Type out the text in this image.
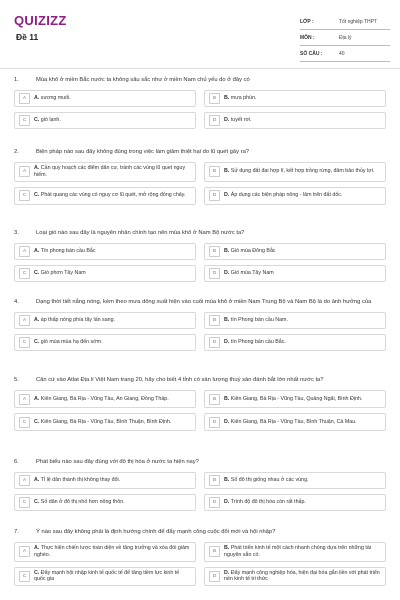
QUIZIZZ
Đề 11
LỚP :	Tốt nghiệp THPT
MÔN :	Địa lý
SỐ CÂU :	40
1.	Mùa khô ở miền Bắc nước ta không sâu sắc như ở miền Nam chủ yếu do ở đây có
A	A. sương muối.	B	B. mưa phùn.
C	C. gió lạnh.	D	D. tuyết rơi.
2.	Biện pháp nào sau đây không đúng trong việc làm giảm thiệt hại do lũ quét gây ra?
A	A. Cần quy hoạch các điểm dân cư, tránh các vùng lũ quet nguy hiểm.
B	B. Sử dụng đất đai hợp lí, kết hợp trồng rừng, đảm bảo thủy lợi.
C	C. Phát quang các vùng có nguy cơ lũ quét, mở rộng đồng chảy.	D	D. Áp dụng các biện pháp nông - lâm trên đất dốc.
3.	Loại gió nào sau đây là nguyên nhân chính tạo nên mùa khô ở Nam Bộ nước ta?
A	A. Tín phong bán cầu Bắc	B	B. Gió mùa Đông Bắc
C	C. Gió phơn Tây Nam	D	D. Gió mùa Tây Nam
4.	Dạng thời tiết nắng nóng, kèm theo mưa dông xuất hiện vào cuối mùa khô ở miền Nam Trung Bộ và Nam Bộ là do ảnh hưởng của
A	A. áp thấp nóng phía tây lấn sang.	B	B. tín Phong bán cầu Nam.
C	C. gió mùa mùa hạ đến sớm.	D	D. tín Phong bán cầu Bắc.
5.	Căn cứ vào Atlat Địa lí Việt Nam trang 20, hãy cho biết 4 tỉnh có sản lượng thuỷ sản đánh bắt lớn nhất nước ta?
A	A. Kiên Giang, Bà Rịa - Vũng Tàu, An Giang, Đồng Tháp.	B	B. Kiên Giang, Bà Rịa - Vũng Tàu, Quảng Ngãi, Bình Định.
C	C. Kiên Giang, Bà Rịa - Vũng Tàu, Bình Thuận, Bình Định.	D	D. Kiên Giang, Bà Rịa - Vũng Tàu, Bình Thuận, Cà Mau.
6.	Phát biểu nào sau đây đúng với đô thị hóa ở nước ta hiện nay?
A	A. Tỉ lệ dân thành thị không thay đổi.	B	B. Số đô thị giống nhau ở các vùng.
C	C. Số dân ở đô thị nhỏ hơn nông thôn.	D	D. Trình độ đô thị hóa còn rất thấp.
7.	Ý nào sau đây không phải là định hướng chính để đẩy mạnh công cuộc đổi mới và hội nhập?
A	A. Thực hiện chiến lược toàn diện về tăng trưởng và xóa đói giảm nghèo.
B	B. Phát triển kinh tế một cách nhanh chóng dựa trên những tài nguyên sẵn có.
C	C. Đẩy mạnh hội nhập kinh tế quốc tế để tăng tiềm lực kinh tế quốc gia
D	D. Đẩy mạnh công nghiệp hóa, hiện đại hóa gắn liền với phát triển nền kinh tế tri thức
